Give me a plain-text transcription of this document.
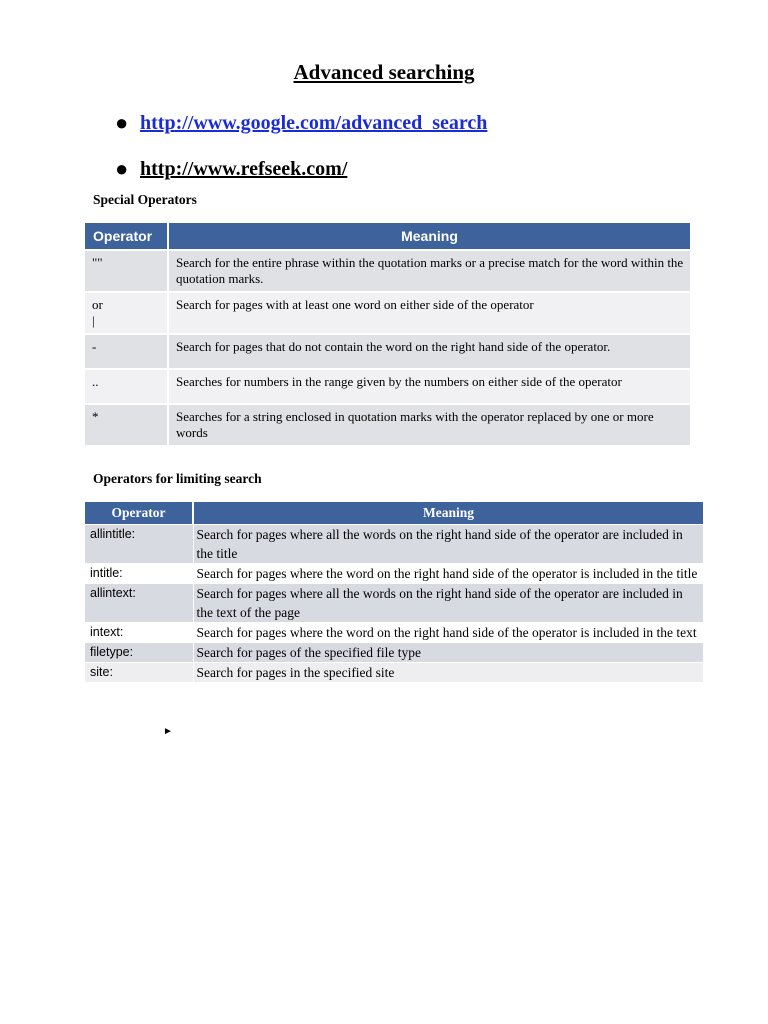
Advanced searching
● http://www.google.com/advanced_search
● http://www.refseek.com/
Special Operators
Operator	Meaning
""	Search for the entire phrase within the quotation marks or a precise match for the word within the quotation marks.

or
|	Search for pages with at least one word on either side of the operator
-	Search for pages that do not contain the word on the right hand side of the operator.
..	Searches for numbers in the range given by the numbers on either side of the operator
*	Searches for a string enclosed in quotation marks with the operator replaced by one or more words
Operators for limiting search
Operator	Meaning
allintitle:	Search for pages where all the words on the right hand side of the operator are included in the title
intitle:	Search for pages where the word on the right hand side of the operator is included in the title
allintext:	Search for pages where all the words on the right hand side of the operator are included in the text of the page
intext:	Search for pages where the word on the right hand side of the operator is included in the text
filetype:	Search for pages of the specified file type
site:	Search for pages in the specified site
►
